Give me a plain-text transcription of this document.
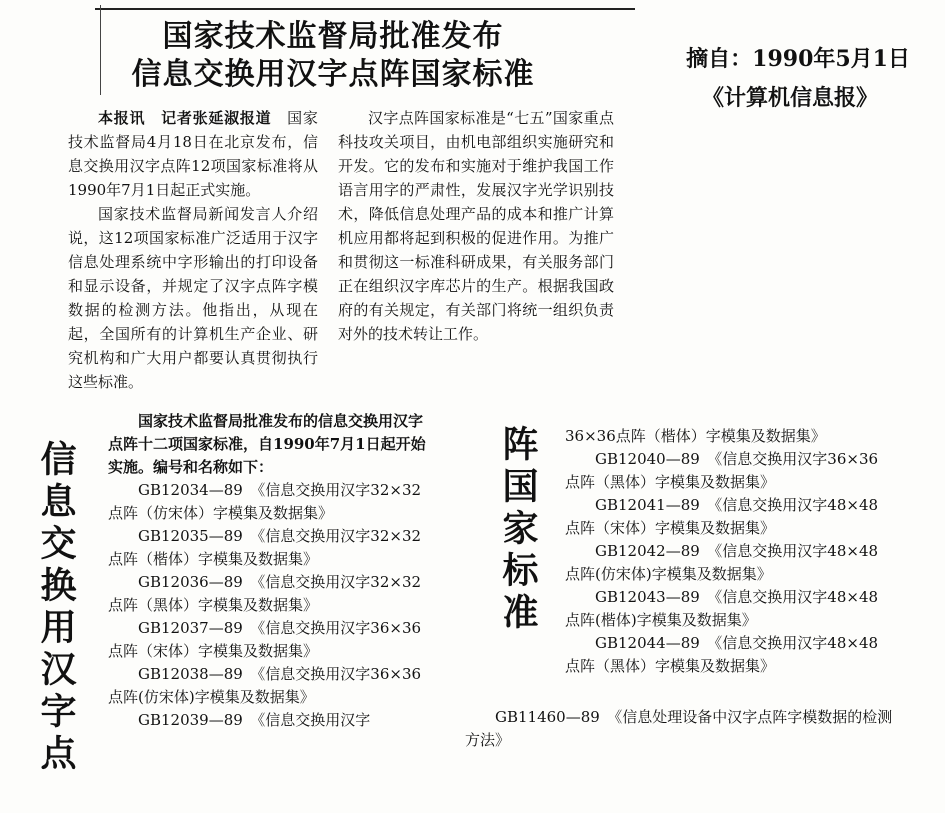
国家技术监督局批准发布
信息交换用汉字点阵国家标准	摘自：1990年5月1日
《计算机信息报》

本报讯　 记者张延淑报道　 国家技术监督局4月18日在北京发布，信息交换用汉字点阵12项国家标准将从1990年7月1日起正式实施。

国家技术监督局新闻发言人介绍说，这12项国家标准广泛适用于汉字信息处理系统中字形输出的打印设备和显示设备，并规定了汉字点阵字模数据的检测方法。他指出，从现在起，全国所有的计算机生产企业、研究机构和广大用户都要认真贯彻执行这些标准。

汉字点阵国家标准是“七五”国家重点科技攻关项目，由机电部组织实施研究和开发。它的发布和实施对于维护我国工作语言用字的严肃性，发展汉字光学识别技术，降低信息处理产品的成本和推广计算机应用都将起到积极的促进作用。为推广和贯彻这一标准科研成果，有关服务部门正在组织汉字库芯片的生产。根据我国政府的有关规定，有关部门将统一组织负责对外的技术转让工作。

信息交换用汉字点	阵国家标准

国家技术监督局批准发布的信息交换用汉字点阵十二项国家标准，自1990年7月1日起开始实施。编号和名称如下：

GB12034—89　《信息交换用汉字32×32点阵（仿宋体）字模集及数据集》

GB12035—89　《信息交换用汉字32×32点阵（楷体）字模集及数据集》

GB12036—89　《信息交换用汉字32×32点阵（黑体）字模集及数据集》

GB12037—89　《信息交换用汉字36×36点阵（宋体）字模集及数据集》

GB12038—89　《信息交换用汉字36×36点阵(仿宋体)字模集及数据集》

GB12039—89　《信息交换用汉字

36×36点阵（楷体）字模集及数据集》

GB12040—89　《信息交换用汉字36×36点阵（黑体）字模集及数据集》

GB12041—89　《信息交换用汉字48×48点阵（宋体）字模集及数据集》

GB12042—89　《信息交换用汉字48×48点阵(仿宋体)字模集及数据集》

GB12043—89　《信息交换用汉字48×48点阵(楷体)字模集及数据集》

GB12044—89　《信息交换用汉字48×48点阵（黑体）字模集及数据集》

GB11460—89　《信息处理设备中汉字点阵字模数据的检测方法》
